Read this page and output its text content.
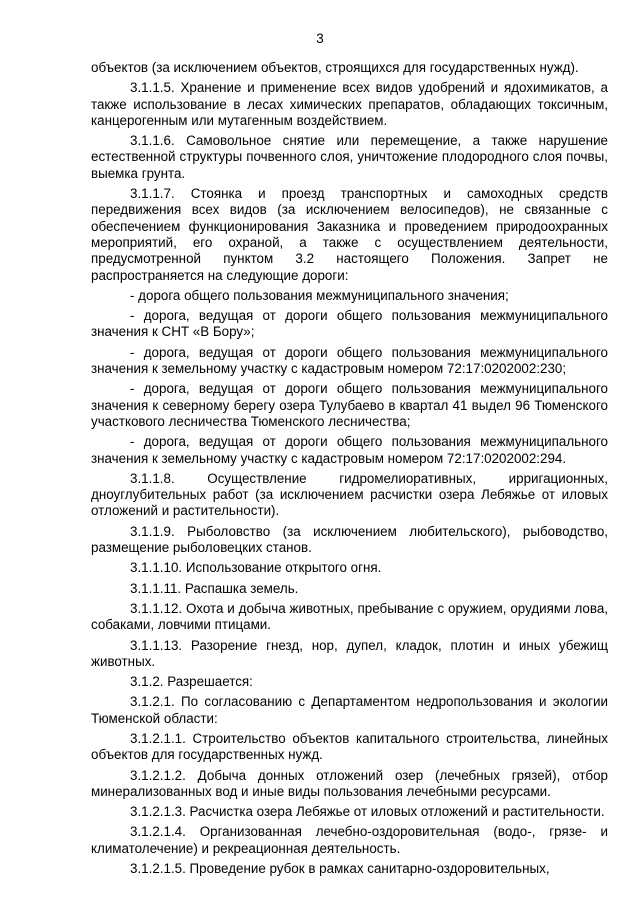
3

объектов (за исключением объектов, строящихся для государственных нужд).

3.1.1.5. Хранение и применение всех видов удобрений и ядохимикатов, а также использование в лесах химических препаратов, обладающих токсичным, канцерогенным или мутагенным воздействием.

3.1.1.6. Самовольное снятие или перемещение, а также нарушение естественной структуры почвенного слоя, уничтожение плодородного слоя почвы, выемка грунта.

3.1.1.7. Стоянка и проезд транспортных и самоходных средств передвижения всех видов (за исключением велосипедов), не связанные с обеспечением функционирования Заказника и проведением природоохранных мероприятий, его охраной, а также с осуществлением деятельности, предусмотренной пунктом 3.2 настоящего Положения. Запрет не распространяется на следующие дороги:

- дорога общего пользования межмуниципального значения;

- дорога, ведущая от дороги общего пользования межмуниципального значения к СНТ «В Бору»;

- дорога, ведущая от дороги общего пользования межмуниципального значения к земельному участку с кадастровым номером 72:17:0202002:230;

- дорога, ведущая от дороги общего пользования межмуниципального значения к северному берегу озера Тулубаево в квартал 41 выдел 96 Тюменского участкового лесничества Тюменского лесничества;

- дорога, ведущая от дороги общего пользования межмуниципального значения к земельному участку с кадастровым номером 72:17:0202002:294.

3.1.1.8. Осуществление гидромелиоративных, ирригационных, дноуглубительных работ (за исключением расчистки озера Лебяжье от иловых отложений и растительности).

3.1.1.9. Рыболовство (за исключением любительского), рыбоводство, размещение рыболовецких станов.

3.1.1.10. Использование открытого огня.

3.1.1.11. Распашка земель.

3.1.1.12. Охота и добыча животных, пребывание с оружием, орудиями лова, собаками, ловчими птицами.

3.1.1.13. Разорение гнезд, нор, дупел, кладок, плотин и иных убежищ животных.

3.1.2. Разрешается:

3.1.2.1. По согласованию с Департаментом недропользования и экологии Тюменской области:

3.1.2.1.1. Строительство объектов капитального строительства, линейных объектов для государственных нужд.

3.1.2.1.2. Добыча донных отложений озер (лечебных грязей), отбор минерализованных вод и иные виды пользования лечебными ресурсами.

3.1.2.1.3. Расчистка озера Лебяжье от иловых отложений и растительности.

3.1.2.1.4. Организованная лечебно-оздоровительная (водо-, грязе- и климатолечение) и рекреационная деятельность.

3.1.2.1.5. Проведение рубок в рамках санитарно-оздоровительных,
